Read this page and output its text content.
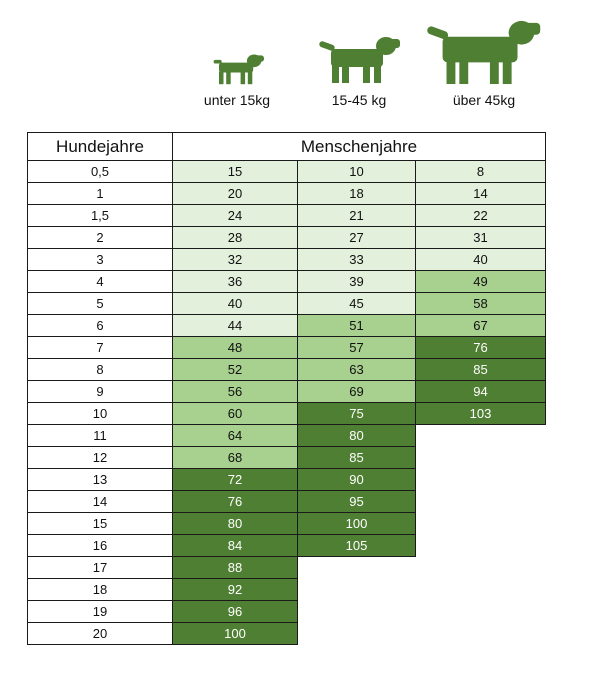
unter 15kg	15-45 kg	über 45kg
Hundejahre	Menschenjahre		
0,5	15	10	8
1	20	18	14
1,5	24	21	22
2	28	27	31
3	32	33	40
4	36	39	49
5	40	45	58
6	44	51	67
7	48	57	76
8	52	63	85
9	56	69	94
10	60	75	103
11	64	80	
12	68	85	
13	72	90	
14	76	95	
15	80	100	
16	84	105	
17	88		
18	92		
19	96		
20	100		
